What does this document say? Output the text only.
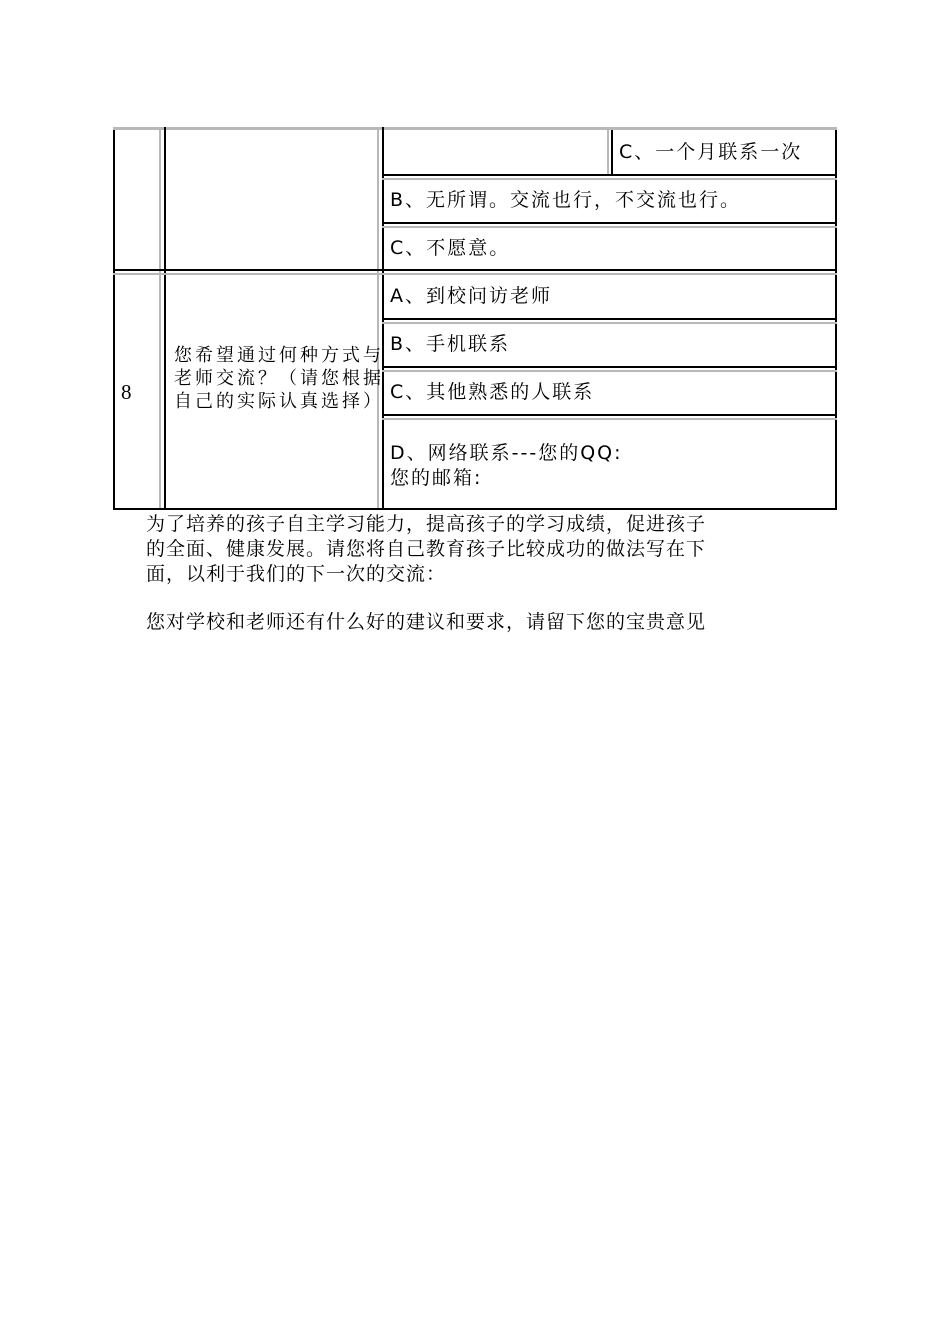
C、一个月联系一次
B、无所谓。交流也行，不交流也行。
C、不愿意。
8
您希望通过何种方式与老师交流？（请您根据自己的实际认真选择）
A、到校问访老师
B、手机联系
C、其他熟悉的人联系
D、网络联系---您的QQ:
您的邮箱:
为了培养的孩子自主学习能力，提高孩子的学习成绩，促进孩子
的全面、健康发展。请您将自己教育孩子比较成功的做法写在下
面，以利于我们的下一次的交流：
您对学校和老师还有什么好的建议和要求，请留下您的宝贵意见
